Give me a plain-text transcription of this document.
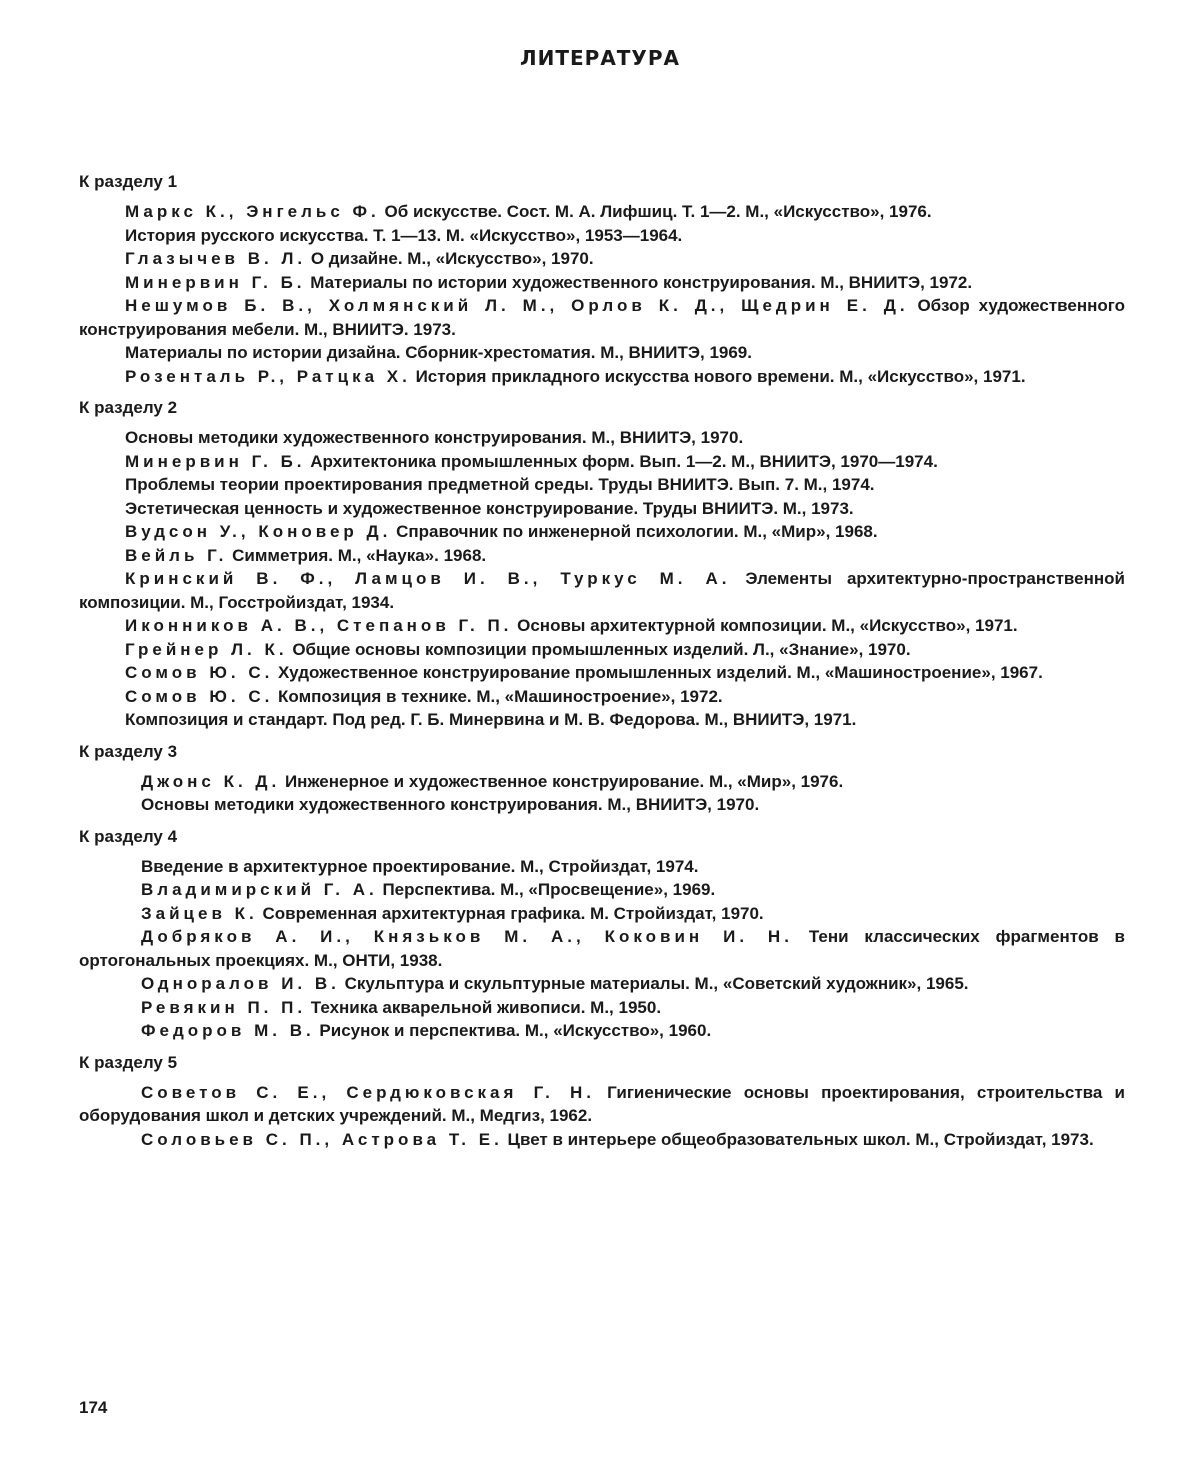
ЛИТЕРАТУРА

К разделу 1

Маркс К., Энгельс Ф. Об искусстве. Сост. М. А. Лифшиц. Т. 1—2. М., «Искусство», 1976.

История русского искусства. Т. 1—13. М. «Искусство», 1953—1964.

Глазычев В. Л. О дизайне. М., «Искусство», 1970.

Минервин Г. Б. Материалы по истории художественного конструирования. М., ВНИИТЭ, 1972.

Нешумов Б. В., Холмянский Л. М., Орлов К. Д., Щедрин Е. Д. Обзор художественного конструирования мебели. М., ВНИИТЭ. 1973.

Материалы по истории дизайна. Сборник-хрестоматия. М., ВНИИТЭ, 1969.

Розенталь Р., Ратцка Х. История прикладного искусства нового времени. М., «Искусство», 1971.

К разделу 2

Основы методики художественного конструирования. М., ВНИИТЭ, 1970.

Минервин Г. Б. Архитектоника промышленных форм. Вып. 1—2. М., ВНИИТЭ, 1970—1974.

Проблемы теории проектирования предметной среды. Труды ВНИИТЭ. Вып. 7. М., 1974.

Эстетическая ценность и художественное конструирование. Труды ВНИИТЭ. М., 1973.

Вудсон У., Коновер Д. Справочник по инженерной психологии. М., «Мир», 1968.

Вейль Г. Симметрия. М., «Наука». 1968.

Кринский В. Ф., Ламцов И. В., Туркус М. А. Элементы архитектурно-пространственной композиции. М., Госстройиздат, 1934.

Иконников А. В., Степанов Г. П. Основы архитектурной композиции. М., «Искусство», 1971.

Грейнер Л. К. Общие основы композиции промышленных изделий. Л., «Знание», 1970.

Сомов Ю. С. Художественное конструирование промышленных изделий. М., «Машиностроение», 1967.

Сомов Ю. С. Композиция в технике. М., «Машиностроение», 1972.

Композиция и стандарт. Под ред. Г. Б. Минервина и М. В. Федорова. М., ВНИИТЭ, 1971.

К разделу 3

Джонс К. Д. Инженерное и художественное конструирование. М., «Мир», 1976.

Основы методики художественного конструирования. М., ВНИИТЭ, 1970.

К разделу 4

Введение в архитектурное проектирование. М., Стройиздат, 1974.

Владимирский Г. А. Перспектива. М., «Просвещение», 1969.

Зайцев К. Современная архитектурная графика. М. Стройиздат, 1970.

Добряков А. И., Князьков М. А., Коковин И. Н. Тени классических фрагментов в ортогональных проекциях. М., ОНТИ, 1938.

Одноралов И. В. Скульптура и скульптурные материалы. М., «Советский художник», 1965.

Ревякин П. П. Техника акварельной живописи. М., 1950.

Федоров М. В. Рисунок и перспектива. М., «Искусство», 1960.

К разделу 5

Советов С. Е., Сердюковская Г. Н. Гигиенические основы проектирования, строительства и оборудования школ и детских учреждений. М., Медгиз, 1962.

Соловьев С. П., Астрова Т. Е. Цвет в интерьере общеобразовательных школ. М., Стройиздат, 1973.

174
